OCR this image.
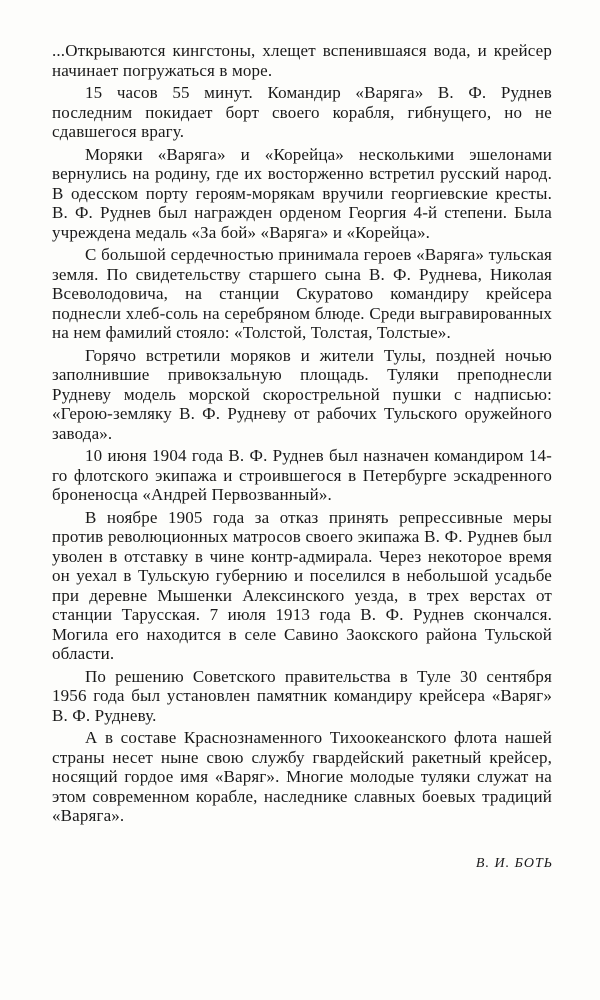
...Открываются кингстоны, хлещет вспенившаяся вода, и крейсер начинает погружаться в море.

15 часов 55 минут. Командир «Варяга» В. Ф. Руднев последним покидает борт своего корабля, гибнущего, но не сдавшегося врагу.

Моряки «Варяга» и «Корейца» несколькими эшелонами вернулись на родину, где их восторженно встретил русский народ. В одесском порту героям-морякам вручили георгиевские кресты. В. Ф. Руднев был награжден орденом Георгия 4-й степени. Была учреждена медаль «За бой» «Варяга» и «Корейца».

С большой сердечностью принимала героев «Варяга» тульская земля. По свидетельству старшего сына В. Ф. Руднева, Николая Всеволодовича, на станции Скуратово командиру крейсера поднесли хлеб-соль на серебряном блюде. Среди выгравированных на нем фамилий стояло: «Толстой, Толстая, Толстые».

Горячо встретили моряков и жители Тулы, поздней ночью заполнившие привокзальную площадь. Туляки преподнесли Рудневу модель морской скорострельной пушки с надписью: «Герою-земляку В. Ф. Рудневу от рабочих Тульского оружейного завода».

10 июня 1904 года В. Ф. Руднев был назначен командиром 14-го флотского экипажа и строившегося в Петербурге эскадренного броненосца «Андрей Первозванный».

В ноябре 1905 года за отказ принять репрессивные меры против революционных матросов своего экипажа В. Ф. Руднев был уволен в отставку в чине контр-адмирала. Через некоторое время он уехал в Тульскую губернию и поселился в небольшой усадьбе при деревне Мышенки Алексинского уезда, в трех верстах от станции Тарусская. 7 июля 1913 года В. Ф. Руднев скончался. Могила его находится в селе Савино Заокского района Тульской области.

По решению Советского правительства в Туле 30 сентября 1956 года был установлен памятник командиру крейсера «Варяг» В. Ф. Рудневу.

А в составе Краснознаменного Тихоокеанского флота нашей страны несет ныне свою службу гвардейский ракетный крейсер, носящий гордое имя «Варяг». Многие молодые туляки служат на этом современном корабле, наследнике славных боевых традиций «Варяга».

В. И. БОТЬ
